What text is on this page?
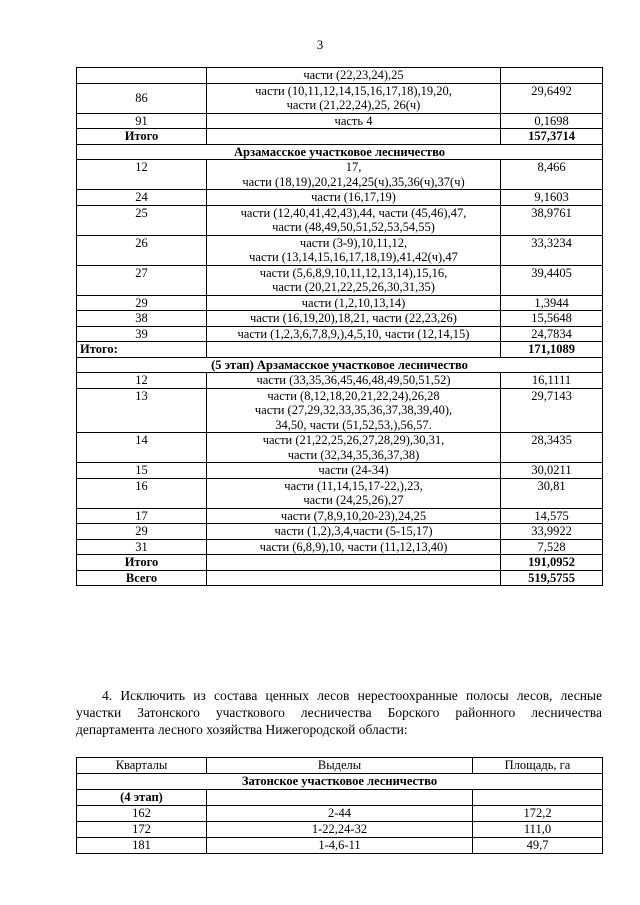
3
	части (22,23,24),25	
86	части (10,11,12,14,15,16,17,18),19,20,
части (21,22,24),25, 26(ч)	29,6492
91	часть 4	0,1698
Итого		157,3714
Арзамасское участковое лесничество		
12	17,
части (18,19),20,21,24,25(ч),35,36(ч),37(ч)	8,466
24	части (16,17,19)	9,1603
25	части (12,40,41,42,43),44, части (45,46),47,
части (48,49,50,51,52,53,54,55)	38,9761
26	части (3-9),10,11,12,
части (13,14,15,16,17,18,19),41,42(ч),47	33,3234
27	части (5,6,8,9,10,11,12,13,14),15,16,
части (20,21,22,25,26,30,31,35)	39,4405
29	части (1,2,10,13,14)	1,3944
38	части (16,19,20),18,21, части (22,23,26)	15,5648
39	части (1,2,3,6,7,8,9,),4,5,10, части (12,14,15)	24,7834
Итого:		171,1089
(5 этап) Арзамасское участковое лесничество		
12	части (33,35,36,45,46,48,49,50,51,52)	16,1111
13	части (8,12,18,20,21,22,24),26,28
части (27,29,32,33,35,36,37,38,39,40),
34,50, части (51,52,53,),56,57.	29,7143
14	части (21,22,25,26,27,28,29),30,31,
части (32,34,35,36,37,38)	28,3435
15	части (24-34)	30,0211
16	части (11,14,15,17-22,),23,
части (24,25,26),27	30,81
17	части (7,8,9,10,20-23),24,25	14,575
29	части (1,2),3,4,части (5-15,17)	33,9922
31	части (6,8,9),10, части (11,12,13,40)	7,528
Итого		191,0952
Всего		519,5755
4. Исключить из состава ценных лесов нерестоохранные полосы лесов, лесные участки Затонского участкового лесничества Борского районного лесничества департамента лесного хозяйства Нижегородской области:
Кварталы	Выделы	Площадь, га
Затонское участковое лесничество		
(4 этап)		
162	2-44	172,2
172	1-22,24-32	111,0
181	1-4,6-11	49,7
